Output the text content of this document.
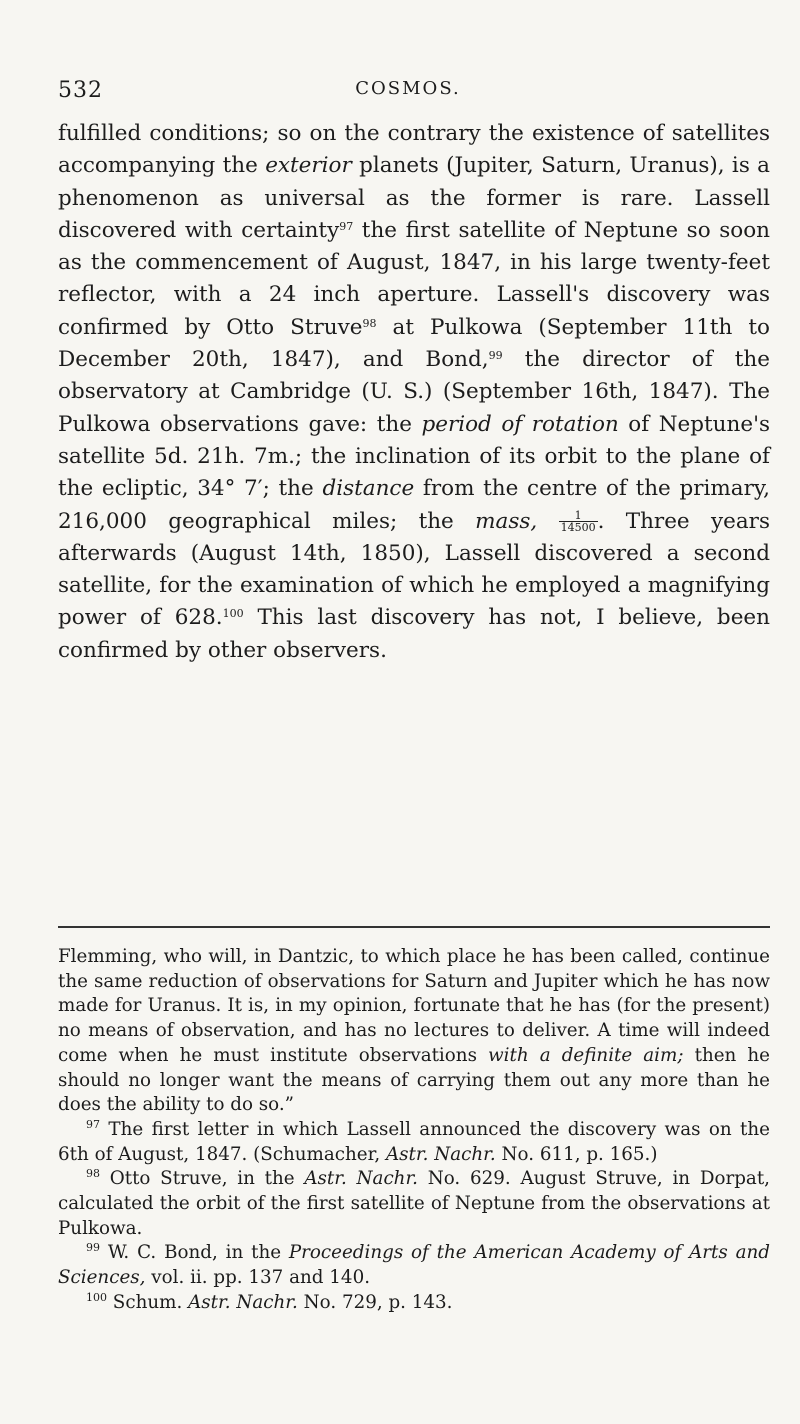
532	COSMOS.

fulfilled conditions; so on the contrary the existence of satellites accompanying the exterior planets (Jupiter, Saturn, Uranus), is a phenomenon as universal as the former is rare. Lassell discovered with certainty$^{97}$ the first satellite of Neptune so soon as the commencement of August, 1847, in his large twenty-feet reflector, with a 24 inch aperture. Lassell's discovery was confirmed by Otto Struve$^{98}$ at Pulkowa (September 11th to December 20th, 1847), and Bond,$^{99}$ the director of the observatory at Cambridge (U. S.) (September 16th, 1847). The Pulkowa observations gave: the period of rotation of Neptune's satellite 5d. 21h. 7m.; the inclination of its orbit to the plane of the ecliptic, 34° 7′; the distance from the centre of the primary, 216,000 geographical miles; the mass, $\frac{1}{14500}$ . Three years afterwards (August 14th, 1850), Lassell discovered a second satellite, for the examination of which he employed a magnifying power of 628.$^{100}$ This last discovery has not, I believe, been confirmed by other observers.

Flemming, who will, in Dantzic, to which place he has been called, continue the same reduction of observations for Saturn and Jupiter which he has now made for Uranus. It is, in my opinion, fortunate that he has (for the present) no means of observation, and has no lectures to deliver. A time will indeed come when he must institute observations with a definite aim; then he should no longer want the means of carrying them out any more than he does the ability to do so.”

$^{97}$ The first letter in which Lassell announced the discovery was on the 6th of August, 1847. (Schumacher, Astr. Nachr. No. 611, p. 165.)

$^{98}$ Otto Struve, in the Astr. Nachr. No. 629. August Struve, in Dorpat, calculated the orbit of the first satellite of Neptune from the observations at Pulkowa.

$^{99}$ W. C. Bond, in the Proceedings of the American Academy of Arts and Sciences, vol. ii. pp. 137 and 140.

$^{100}$ Schum. Astr. Nachr. No. 729, p. 143.
